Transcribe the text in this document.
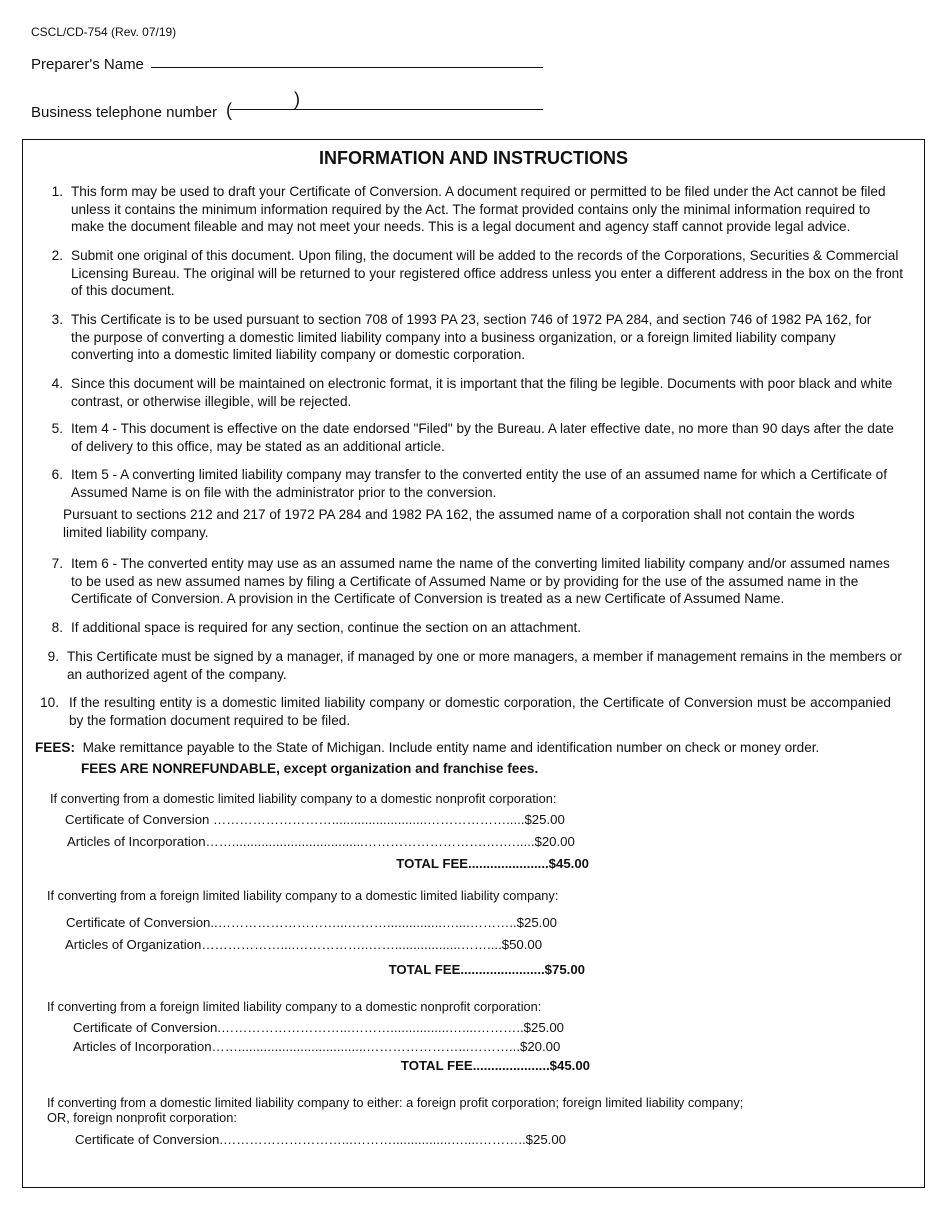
CSCL/CD-754 (Rev. 07/19)
Preparer's Name
Business telephone number (
)
INFORMATION AND INSTRUCTIONS
1. This form may be used to draft your Certificate of Conversion. A document required or permitted to be filed under the Act cannot be filed unless it contains the minimum information required by the Act. The format provided contains only the minimal information required to make the document fileable and may not meet your needs. This is a legal document and agency staff cannot provide legal advice.
2. Submit one original of this document. Upon filing, the document will be added to the records of the Corporations, Securities & Commercial Licensing Bureau. The original will be returned to your registered office address unless you enter a different address in the box on the front of this document.
3. This Certificate is to be used pursuant to section 708 of 1993 PA 23, section 746 of 1972 PA 284, and section 746 of 1982 PA 162, for the purpose of converting a domestic limited liability company into a business organization, or a foreign limited liability company converting into a domestic limited liability company or domestic corporation.
4. Since this document will be maintained on electronic format, it is important that the filing be legible. Documents with poor black and white contrast, or otherwise illegible, will be rejected.
5. Item 4 - This document is effective on the date endorsed "Filed" by the Bureau. A later effective date, no more than 90 days after the date of delivery to this office, may be stated as an additional article.
6. Item 5 - A converting limited liability company may transfer to the converted entity the use of an assumed name for which a Certificate of Assumed Name is on file with the administrator prior to the conversion.
Pursuant to sections 212 and 217 of 1972 PA 284 and 1982 PA 162, the assumed name of a corporation shall not contain the words limited liability company.
7. Item 6 - The converted entity may use as an assumed name the name of the converting limited liability company and/or assumed names to be used as new assumed names by filing a Certificate of Assumed Name or by providing for the use of the assumed name in the Certificate of Conversion. A provision in the Certificate of Conversion is treated as a new Certificate of Assumed Name.
8. If additional space is required for any section, continue the section on an attachment.
9. This Certificate must be signed by a manager, if managed by one or more managers, a member if management remains in the members or an authorized agent of the company.
10. If the resulting entity is a domestic limited liability company or domestic corporation, the Certificate of Conversion must be accompanied by the formation document required to be filed.
FEES: Make remittance payable to the State of Michigan. Include entity name and identification number on check or money order.
FEES ARE NONREFUNDABLE, except organization and franchise fees.
If converting from a domestic limited liability company to a domestic nonprofit corporation:
Certificate of Conversion ………………………..........................……………….....$25.00
Articles of Incorporation……....................................……………………….….….....$20.00
TOTAL FEE......................$45.00
If converting from a foreign limited liability company to a domestic limited liability company:
Certificate of Conversion..………………………...………...............…....………..$25.00
Articles of Organization………………....……………..……..................……....$50.00
TOTAL FEE.......................$75.00
If converting from a foreign limited liability company to a domestic nonprofit corporation:
Certificate of Conversion.………………………...………................…....………..$25.00
Articles of Incorporation……...................................…………………...………...$20.00
TOTAL FEE.....................$45.00
If converting from a domestic limited liability company to either: a foreign profit corporation; foreign limited liability company;
OR, foreign nonprofit corporation:
Certificate of Conversion.………………………...………................…....………..$25.00
